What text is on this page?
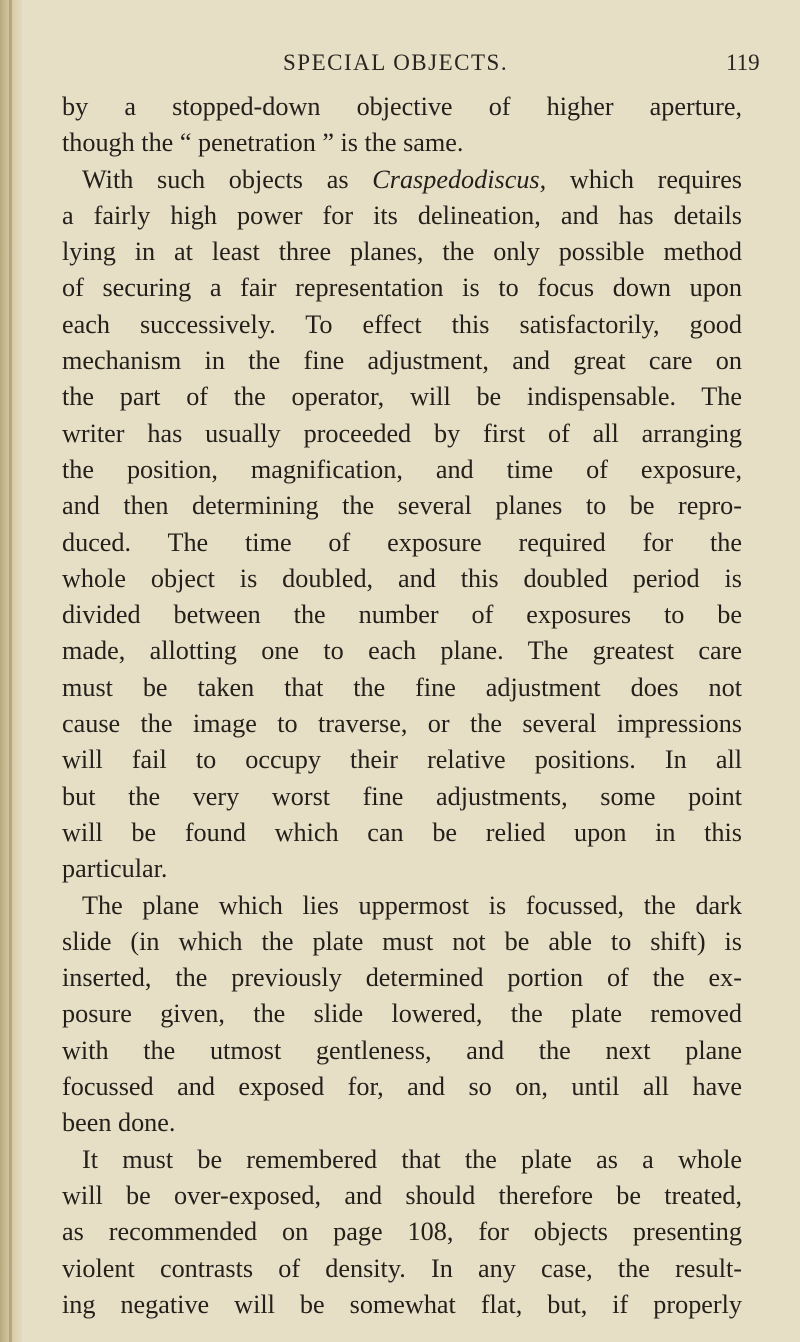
SPECIAL OBJECTS.	119
by a stopped-down objective of higher aperture,
though the “ penetration ” is the same.
With such objects as Craspedodiscus, which requires
a fairly high power for its delineation, and has details
lying in at least three planes, the only possible method
of securing a fair representation is to focus down upon
each successively. To effect this satisfactorily, good
mechanism in the fine adjustment, and great care on
the part of the operator, will be indispensable. The
writer has usually proceeded by first of all arranging
the position, magnification, and time of exposure,
and then determining the several planes to be repro-
duced. The time of exposure required for the
whole object is doubled, and this doubled period is
divided between the number of exposures to be
made, allotting one to each plane. The greatest care
must be taken that the fine adjustment does not
cause the image to traverse, or the several impressions
will fail to occupy their relative positions. In all
but the very worst fine adjustments, some point
will be found which can be relied upon in this
particular.
The plane which lies uppermost is focussed, the dark
slide (in which the plate must not be able to shift) is
inserted, the previously determined portion of the ex-
posure given, the slide lowered, the plate removed
with the utmost gentleness, and the next plane
focussed and exposed for, and so on, until all have
been done.
It must be remembered that the plate as a whole
will be over-exposed, and should therefore be treated,
as recommended on page 108, for objects presenting
violent contrasts of density. In any case, the result-
ing negative will be somewhat flat, but, if properly
